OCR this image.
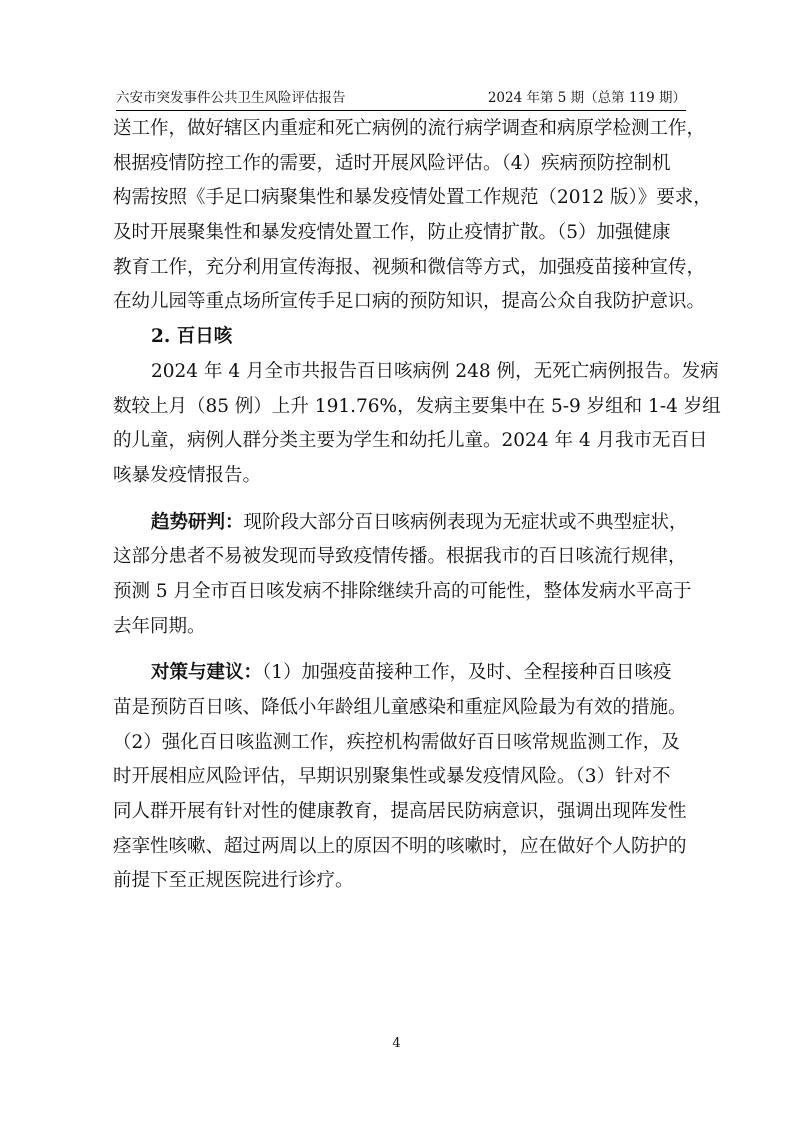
六安市突发事件公共卫生风险评估报告	2024 年第 5 期（总第 119 期）
送工作，做好辖区内重症和死亡病例的流行病学调查和病原学检测工作，
根据疫情防控工作的需要，适时开展风险评估。（4）疾病预防控制机
构需按照《手足口病聚集性和暴发疫情处置工作规范（2012 版）》要求，
及时开展聚集性和暴发疫情处置工作，防止疫情扩散。（5）加强健康
教育工作，充分利用宣传海报、视频和微信等方式，加强疫苗接种宣传，
在幼儿园等重点场所宣传手足口病的预防知识，提高公众自我防护意识。
2. 百日咳
2024 年 4 月全市共报告百日咳病例 248 例，无死亡病例报告。发病
数较上月（85 例）上升 191.76%，发病主要集中在 5-9 岁组和 1-4 岁组
的儿童，病例人群分类主要为学生和幼托儿童。2024 年 4 月我市无百日
咳暴发疫情报告。
趋势研判：现阶段大部分百日咳病例表现为无症状或不典型症状，
这部分患者不易被发现而导致疫情传播。根据我市的百日咳流行规律，
预测 5 月全市百日咳发病不排除继续升高的可能性，整体发病水平高于
去年同期。
对策与建议：（1）加强疫苗接种工作，及时、全程接种百日咳疫
苗是预防百日咳、降低小年龄组儿童感染和重症风险最为有效的措施。
（2）强化百日咳监测工作，疾控机构需做好百日咳常规监测工作，及
时开展相应风险评估，早期识别聚集性或暴发疫情风险。（3）针对不
同人群开展有针对性的健康教育，提高居民防病意识，强调出现阵发性
痉挛性咳嗽、超过两周以上的原因不明的咳嗽时，应在做好个人防护的
前提下至正规医院进行诊疗。
4
